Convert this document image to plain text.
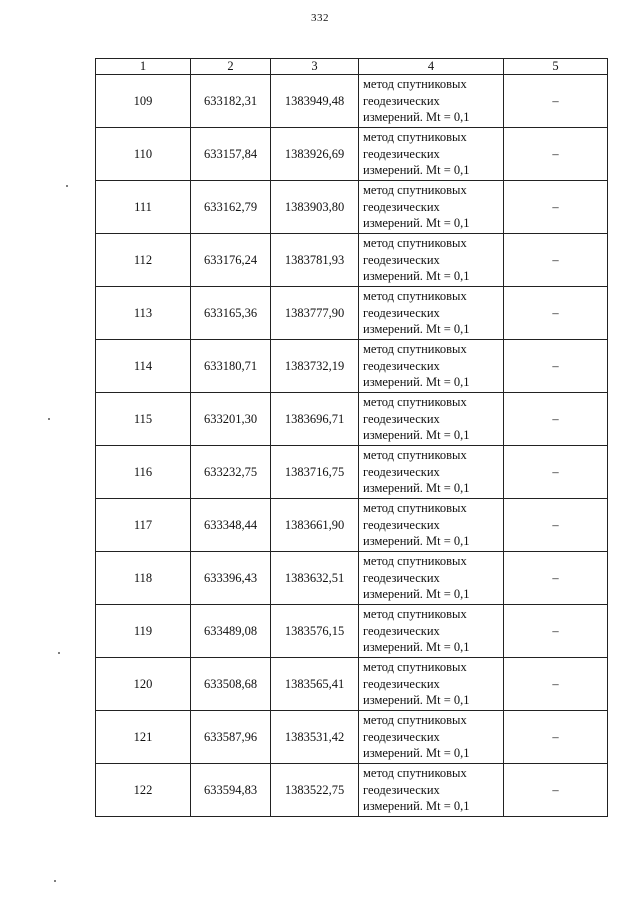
332
1	2	3	4	5
109	633182,31	1383949,48	метод спутниковых
геодезических
измерений. Mt = 0,1	–
110	633157,84	1383926,69	метод спутниковых
геодезических
измерений. Mt = 0,1	–
111	633162,79	1383903,80	метод спутниковых
геодезических
измерений. Mt = 0,1	–
112	633176,24	1383781,93	метод спутниковых
геодезических
измерений. Mt = 0,1	–
113	633165,36	1383777,90	метод спутниковых
геодезических
измерений. Mt = 0,1	–
114	633180,71	1383732,19	метод спутниковых
геодезических
измерений. Mt = 0,1	–
115	633201,30	1383696,71	метод спутниковых
геодезических
измерений. Mt = 0,1	–
116	633232,75	1383716,75	метод спутниковых
геодезических
измерений. Mt = 0,1	–
117	633348,44	1383661,90	метод спутниковых
геодезических
измерений. Mt = 0,1	–
118	633396,43	1383632,51	метод спутниковых
геодезических
измерений. Mt = 0,1	–
119	633489,08	1383576,15	метод спутниковых
геодезических
измерений. Mt = 0,1	–
120	633508,68	1383565,41	метод спутниковых
геодезических
измерений. Mt = 0,1	–
121	633587,96	1383531,42	метод спутниковых
геодезических
измерений. Mt = 0,1	–
122	633594,83	1383522,75	метод спутниковых
геодезических
измерений. Mt = 0,1	–
